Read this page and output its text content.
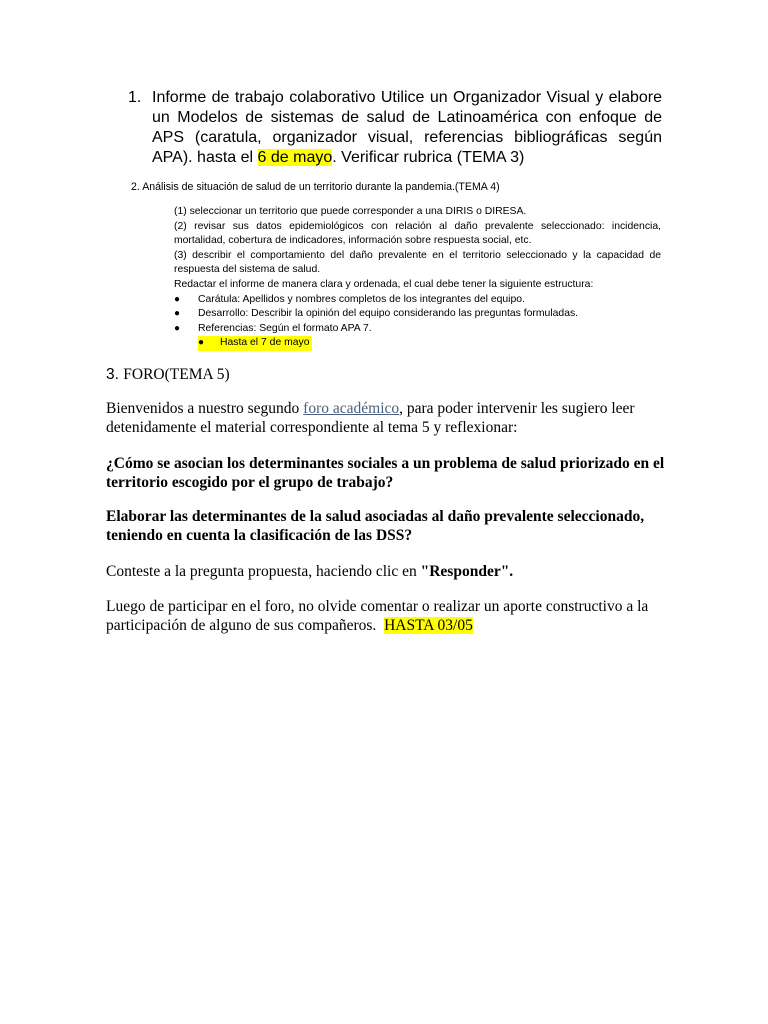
1. Informe de trabajo colaborativo Utilice un Organizador Visual y elabore un Modelos de sistemas de salud de Latinoamérica con enfoque de APS (caratula, organizador visual, referencias bibliográficas según APA). hasta el 6 de mayo. Verificar rubrica (TEMA 3)
2. Análisis de situación de salud de un territorio durante la pandemia.(TEMA 4)

(1) seleccionar un territorio que puede corresponder a una DIRIS o DIRESA.

(2) revisar sus datos epidemiológicos con relación al daño prevalente seleccionado: incidencia, mortalidad, cobertura de indicadores, información sobre respuesta social, etc.

(3) describir el comportamiento del daño prevalente en el territorio seleccionado y la capacidad de respuesta del sistema de salud.

Redactar el informe de manera clara y ordenada, el cual debe tener la siguiente estructura:

●	Carátula: Apellidos y nombres completos de los integrantes del equipo.
●	Desarrollo: Describir la opinión del equipo considerando las preguntas formuladas.
●	Referencias: Según el formato APA 7.
● Hasta el 7 de mayo
3. FORO(TEMA 5)

Bienvenidos a nuestro segundo foro académico, para poder intervenir les sugiero leer detenidamente el material correspondiente al tema 5 y reflexionar:

¿Cómo se asocian los determinantes sociales a un problema de salud priorizado en el territorio escogido por el grupo de trabajo?

Elaborar las determinantes de la salud asociadas al daño prevalente seleccionado, teniendo en cuenta la clasificación de las DSS?

Conteste a la pregunta propuesta, haciendo clic en "Responder".

Luego de participar en el foro, no olvide comentar o realizar un aporte constructivo a la participación de alguno de sus compañeros. HASTA 03/05
